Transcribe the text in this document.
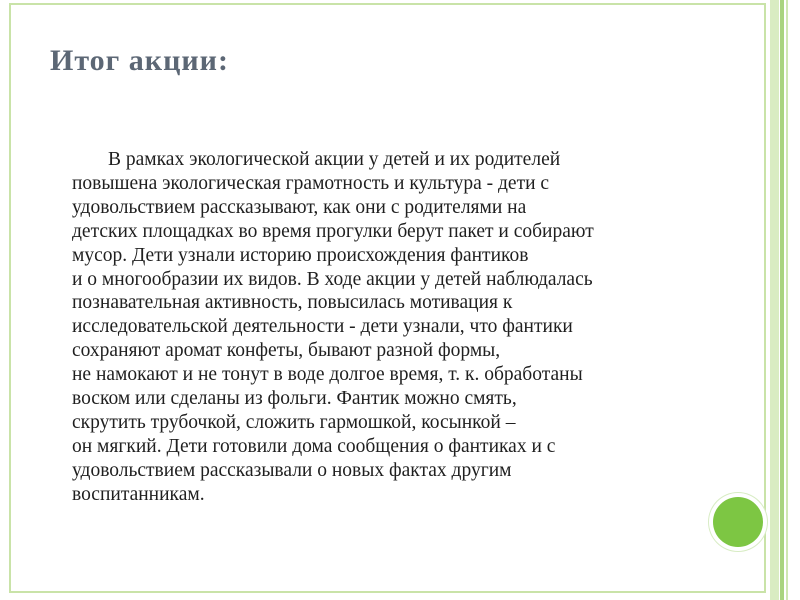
Итог акции:

В рамках экологической акции у детей и их родителей
повышена экологическая грамотность и культура - дети с
удовольствием рассказывают, как они с родителями на
детских площадках во время прогулки берут пакет и собирают
мусор. Дети узнали историю происхождения фантиков
и о многообразии их видов. В ходе акции у детей наблюдалась
познавательная активность, повысилась мотивация к
исследовательской деятельности - дети узнали, что фантики
сохраняют аромат конфеты, бывают разной формы,
не намокают и не тонут в воде долгое время, т. к. обработаны
воском или сделаны из фольги. Фантик можно смять,
скрутить трубочкой, сложить гармошкой, косынкой –
он мягкий. Дети готовили дома сообщения о фантиках и с
удовольствием рассказывали о новых фактах другим
воспитанникам.
